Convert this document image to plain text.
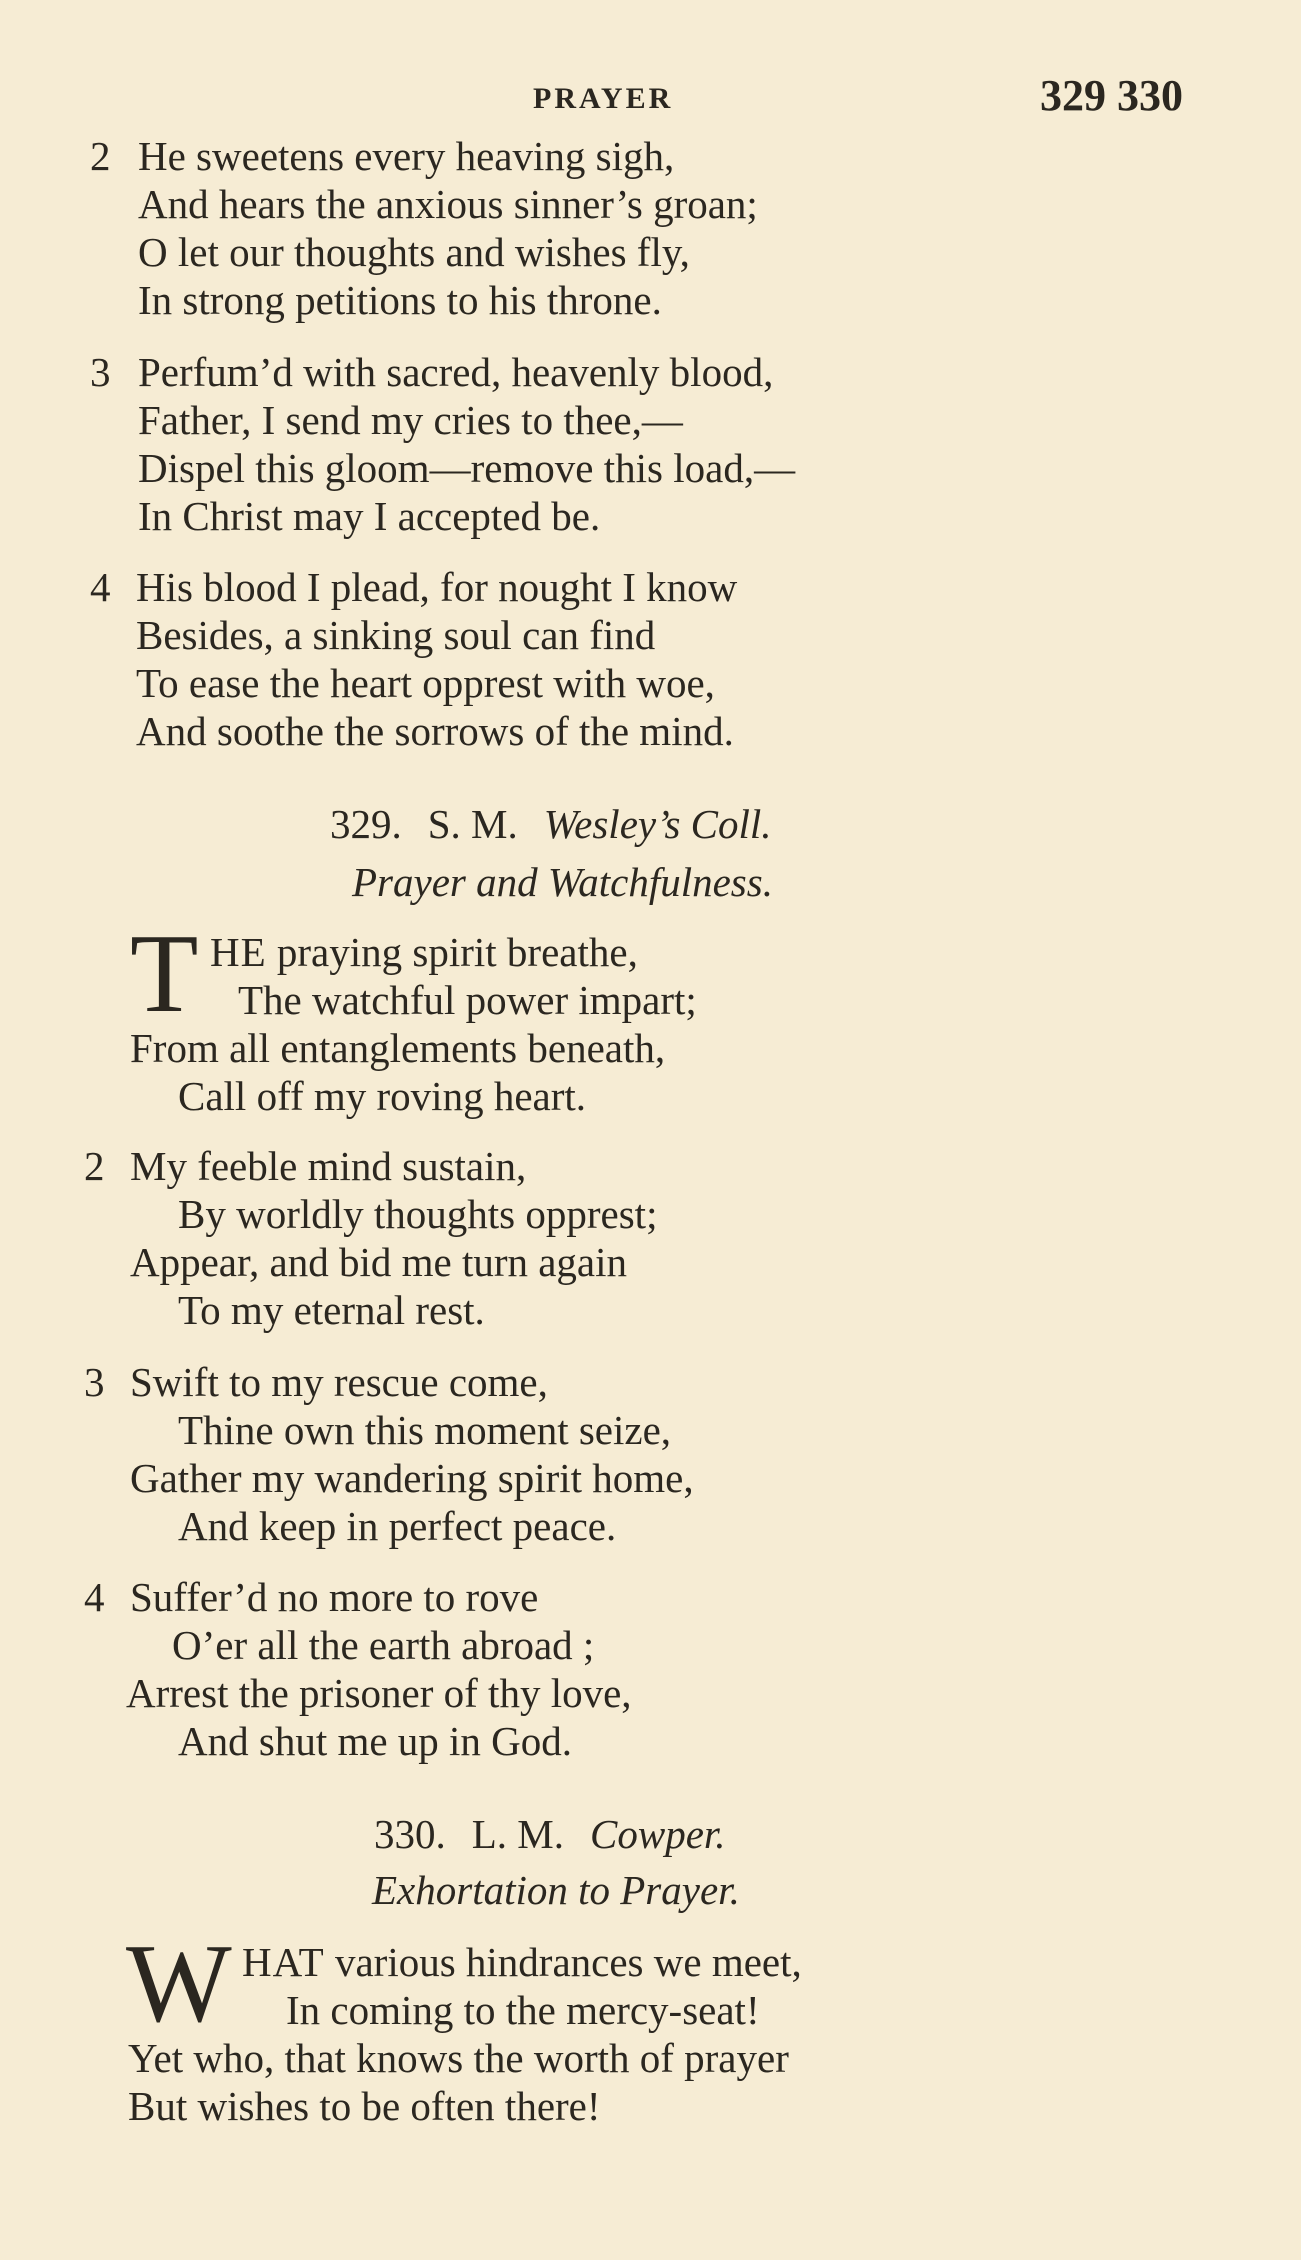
PRAYER	329 330
2 He sweetens every heaving sigh,
And hears the anxious sinner’s groan;
O let our thoughts and wishes fly,
In strong petitions to his throne.
3 Perfum’d with sacred, heavenly blood,
Father, I send my cries to thee,—
Dispel this gloom—remove this load,—
In Christ may I accepted be.
4 His blood I plead, for nought I know
Besides, a sinking soul can find
To ease the heart opprest with woe,
And soothe the sorrows of the mind.
329. S. M. Wesley’s Coll.
Prayer and Watchfulness.
T HE praying spirit breathe,
The watchful power impart;
From all entanglements beneath,
Call off my roving heart.
2 My feeble mind sustain,
By worldly thoughts opprest;
Appear, and bid me turn again
To my eternal rest.
3 Swift to my rescue come,
Thine own this moment seize,
Gather my wandering spirit home,
And keep in perfect peace.
4 Suffer’d no more to rove
O’er all the earth abroad ;
Arrest the prisoner of thy love,
And shut me up in God.
330. L. M. Cowper.
Exhortation to Prayer.
W HAT various hindrances we meet,
In coming to the mercy-seat!
Yet who, that knows the worth of prayer
But wishes to be often there!
